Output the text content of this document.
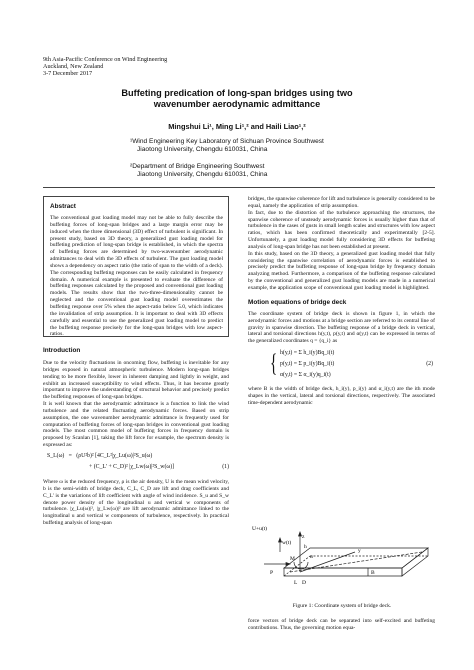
9th Asia-Pacific Conference on Wind Engineering
Auckland, New Zealand
3-7 December 2017
Buffeting predication of long-span bridges using two
wavenumber aerodynamic admittance
Mingshui Li¹, Ming Li¹,² and Haili Liao¹,²
¹Wind Engineering Key Laboratory of Sichuan Province Southwest
Jiaotong University, Chengdu 610031, China
²Department of Bridge Engineering Southwest
Jiaotong University, Chengdu 610031, China
Abstract
The conventional gust loading model may not be able to fully describe the buffeting forces of long-span bridges and a large margin error may be induced when the three dimensional (3D) effect of turbulent is significant. In present study, based on 3D theory, a generalized gust loading model for buffeting prediction of long-span bridge is established, in which the spectra of buffeting forces are determined by two-wavenumber aerodynamic admittances to deal with the 3D effects of turbulent. The gust loading model shows a dependency on aspect ratio (the ratio of span to the width of a deck). The corresponding buffeting responses can be easily calculated in frequency domain. A numerical example is presented to evaluate the difference of buffeting responses calculated by the proposed and conventional gust loading models. The results show that the two-three-dimensionality cannot be neglected and the conventional gust loading model overestimates the buffeting response over 5% when the aspect-ratio below 5.0, which indicates the invalidation of strip assumption. It is important to deal with 3D effects carefully and essential to use the generalized gust loading model to predict the buffeting response precisely for the long-span bridges with low aspect-ratios.
Introduction

Due to the velocity fluctuations in oncoming flow, buffeting is inevitable for any bridges exposed in natural atmospheric turbulence. Modern long-span bridges tending to be more flexible, lower in inherent damping and lightly in weight, and exhibit an increased susceptibility to wind effects. Thus, it has become greatly important to improve the understanding of structural behavior and precisely predict the buffeting responses of long-span bridges.

It is well known that the aerodynamic admittance is a function to link the wind turbulence and the related fluctuating aerodynamic forces. Based on strip assumption, the one wavenumber aerodynamic admittance is frequently used for computation of buffeting forces of long-span bridges in conventional gust loading models. The most common model of buffeting forces in frequency domain is proposed by Scanlan [1], taking the lift force for example, the spectrum density is expressed as:

S_L(ω)   =   (ρU²b)² [4C_L²|χ_Lu(ω)|²S_u(ω)
+ (C_L' + C_D)² |χ_Lw(ω)|²S_w(ω)]	(1)

Where ω is the reduced frequency, ρ is the air density, U is the mean wind velocity, b is the semi-width of bridge deck, C_L, C_D are lift and drag coefficients and C_L' is the variations of lift coefficient with angle of wind incidence. S_u and S_w denote power density of the longitudinal u and vertical w components of turbulence. |χ_Lu(ω)|², |χ_Lw(ω)|² are lift aerodynamic admittance linked to the longitudinal u and vertical w components of turbulence, respectively. In practical buffeting analysis of long-span

bridges, the spanwise coherence for lift and turbulence is generally considered to be equal, namely the application of strip assumption.

In fact, due to the distortion of the turbulence approaching the structures, the spanwise coherence of unsteady aerodynamic forces is usually higher than that of turbulence in the cases of gusts in small length scales and structures with low aspect ratios, which has been confirmed theoretically and experimentally [2-5]. Unfortunately, a gust loading model fully considering 3D effects for buffeting analysis of long-span bridge has not been established at present.

In this study, based on the 3D theory, a generalized gust loading model that fully considering the spanwise correlation of aerodynamic forces is established to precisely predict the buffeting response of long-span bridge by frequency domain analyzing method. Furthermore, a comparison of the buffeting response calculated by the conventional and generalized gust loading models are made in a numerical example, the application scope of conventional gust loading model is highlighted.

Motion equations of bridge deck

The coordinate system of bridge deck is shown in figure 1, in which the aerodynamic forces and motions at a bridge section are referred to its central line of gravity in spanwise direction. The buffeting response of a bridge deck in vertical, lateral and torsional directions h(y,t), p(y,t) and α(y,t) can be expressed in terms of the generalized coordinates q = {q_i} as

{ h(y,t) = Σ h_i(y)Bq_i(t)
p(y,t) = Σ p_i(y)Bq_i(t)
α(y,t) = Σ α_i(y)q_i(t)
(2)

where B is the width of bridge deck, h_i(y), p_i(y) and α_i(y,t) are the ith mode shapes in the vertical, lateral and torsional directions, respectively. The associated time-dependent aerodynamic

U+u(t)
w(t)
z
h
y
α
M
L D
P	B
Figure 1: Coordinate system of bridge deck.
force vectors of bridge deck can be separated into self-excited and buffeting contributions. Thus, the governing motion equa-
